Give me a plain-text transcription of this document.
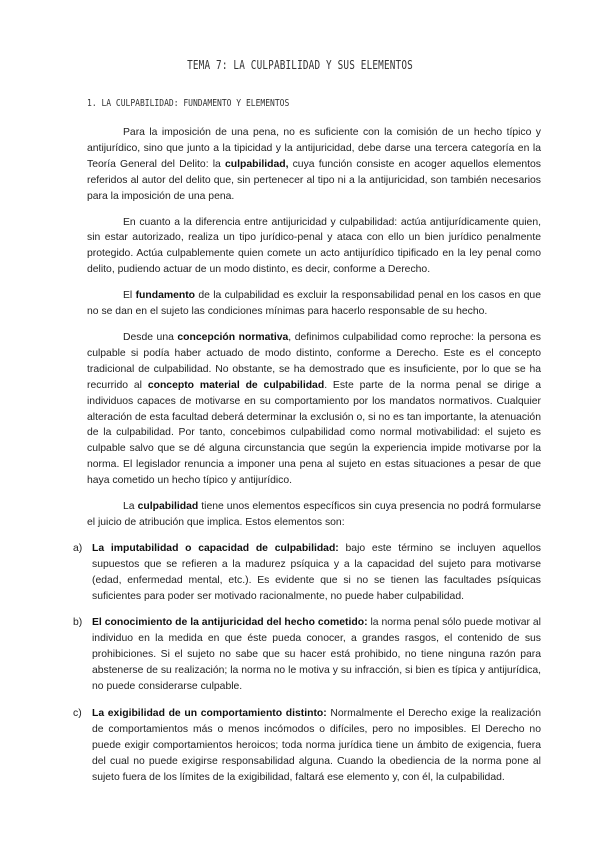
TEMA 7: LA CULPABILIDAD Y SUS ELEMENTOS
1. LA CULPABILIDAD: FUNDAMENTO Y ELEMENTOS

Para la imposición de una pena, no es suficiente con la comisión de un hecho típico y antijurídico, sino que junto a la tipicidad y la antijuricidad, debe darse una tercera categoría en la Teoría General del Delito: la culpabilidad, cuya función consiste en acoger aquellos elementos referidos al autor del delito que, sin pertenecer al tipo ni a la antijuricidad, son también necesarios para la imposición de una pena.

En cuanto a la diferencia entre antijuricidad y culpabilidad: actúa antijurídicamente quien, sin estar autorizado, realiza un tipo jurídico-penal y ataca con ello un bien jurídico penalmente protegido. Actúa culpablemente quien comete un acto antijurídico tipificado en la ley penal como delito, pudiendo actuar de un modo distinto, es decir, conforme a Derecho.

El fundamento de la culpabilidad es excluir la responsabilidad penal en los casos en que no se dan en el sujeto las condiciones mínimas para hacerlo responsable de su hecho.

Desde una concepción normativa, definimos culpabilidad como reproche: la persona es culpable si podía haber actuado de modo distinto, conforme a Derecho. Este es el concepto tradicional de culpabilidad. No obstante, se ha demostrado que es insuficiente, por lo que se ha recurrido al concepto material de culpabilidad. Este parte de la norma penal se dirige a individuos capaces de motivarse en su comportamiento por los mandatos normativos. Cualquier alteración de esta facultad deberá determinar la exclusión o, si no es tan importante, la atenuación de la culpabilidad. Por tanto, concebimos culpabilidad como normal motivabilidad: el sujeto es culpable salvo que se dé alguna circunstancia que según la experiencia impide motivarse por la norma. El legislador renuncia a imponer una pena al sujeto en estas situaciones a pesar de que haya cometido un hecho típico y antijurídico.

La culpabilidad tiene unos elementos específicos sin cuya presencia no podrá formularse el juicio de atribución que implica. Estos elementos son:

a) La imputabilidad o capacidad de culpabilidad: bajo este término se incluyen aquellos supuestos que se refieren a la madurez psíquica y a la capacidad del sujeto para motivarse (edad, enfermedad mental, etc.). Es evidente que si no se tienen las facultades psíquicas suficientes para poder ser motivado racionalmente, no puede haber culpabilidad.
b) El conocimiento de la antijuricidad del hecho cometido: la norma penal sólo puede motivar al individuo en la medida en que éste pueda conocer, a grandes rasgos, el contenido de sus prohibiciones. Si el sujeto no sabe que su hacer está prohibido, no tiene ninguna razón para abstenerse de su realización; la norma no le motiva y su infracción, si bien es típica y antijurídica, no puede considerarse culpable.
c) La exigibilidad de un comportamiento distinto: Normalmente el Derecho exige la realización de comportamientos más o menos incómodos o difíciles, pero no imposibles. El Derecho no puede exigir comportamientos heroicos; toda norma jurídica tiene un ámbito de exigencia, fuera del cual no puede exigirse responsabilidad alguna. Cuando la obediencia de la norma pone al sujeto fuera de los límites de la exigibilidad, faltará ese elemento y, con él, la culpabilidad.
